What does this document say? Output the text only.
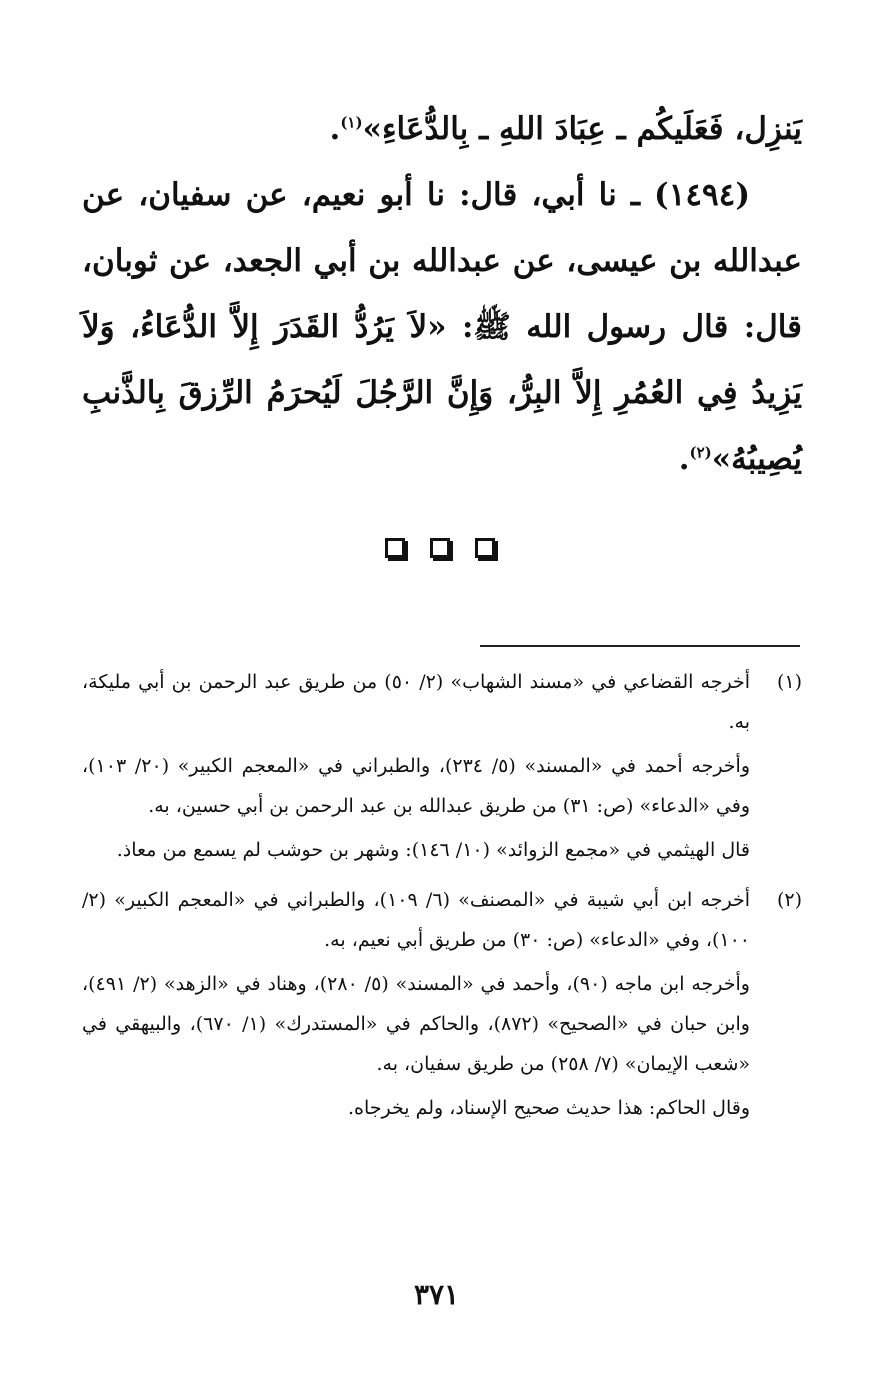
يَنزِل، فَعَلَيكُم ـ عِبَادَ اللهِ ـ بِالدُّعَاءِ»$^{(١)}$.

(١٤٩٤) ـ نا أبي، قال: نا أبو نعيم، عن سفيان، عن عبدالله بن عيسى، عن عبدالله بن أبي الجعد، عن ثوبان، قال: قال رسول الله ﷺ: «لاَ يَرُدُّ القَدَرَ إِلاَّ الدُّعَاءُ، وَلاَ يَزِيدُ فِي العُمُرِ إِلاَّ البِرُّ، وَإِنَّ الرَّجُلَ لَيُحرَمُ الرِّزقَ بِالذَّنبِ يُصِيبُهُ»$^{(٢)}$.

(١)

أخرجه القضاعي في «مسند الشهاب» (٢/ ٥٠) من طريق عبد الرحمن بن أبي مليكة، به.

وأخرجه أحمد في «المسند» (٥/ ٢٣٤)، والطبراني في «المعجم الكبير» (٢٠/ ١٠٣)، وفي «الدعاء» (ص: ٣١) من طريق عبدالله بن عبد الرحمن بن أبي حسين، به.

قال الهيثمي في «مجمع الزوائد» (١٠/ ١٤٦): وشهر بن حوشب لم يسمع من معاذ.

(٢)

أخرجه ابن أبي شيبة في «المصنف» (٦/ ١٠٩)، والطبراني في «المعجم الكبير» (٢/ ١٠٠)، وفي «الدعاء» (ص: ٣٠) من طريق أبي نعيم، به.

وأخرجه ابن ماجه (٩٠)، وأحمد في «المسند» (٥/ ٢٨٠)، وهناد في «الزهد» (٢/ ٤٩١)، وابن حبان في «الصحيح» (٨٧٢)، والحاكم في «المستدرك» (١/ ٦٧٠)، والبيهقي في «شعب الإيمان» (٧/ ٢٥٨) من طريق سفيان، به.

وقال الحاكم: هذا حديث صحيح الإسناد، ولم يخرجاه.

٣٧١
